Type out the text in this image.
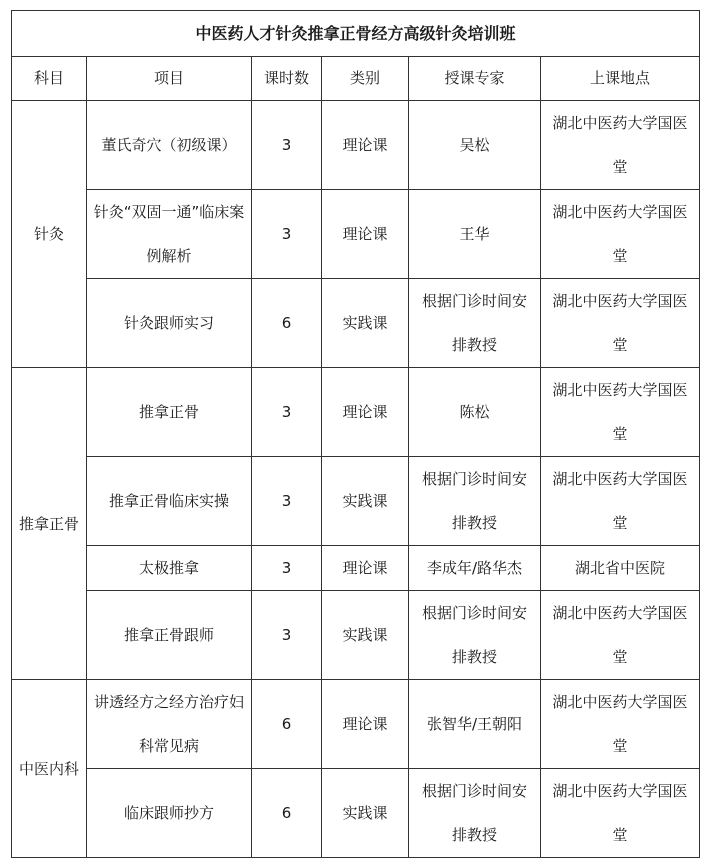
中医药人才针灸推拿正骨经方高级针灸培训班					
科目	项目	课时数	类别	授课专家	上课地点
针灸	董氏奇穴（初级课）	3	理论课	吴松	湖北中医药大学国医堂
	针灸“双固一通”临床案例解析	3	理论课	王华	湖北中医药大学国医堂
	针灸跟师实习	6	实践课	根据门诊时间安排教授	湖北中医药大学国医堂
推拿正骨	推拿正骨	3	理论课	陈松	湖北中医药大学国医堂
	推拿正骨临床实操	3	实践课	根据门诊时间安排教授	湖北中医药大学国医堂
	太极推拿	3	理论课	李成年/路华杰	湖北省中医院
	推拿正骨跟师	3	实践课	根据门诊时间安排教授	湖北中医药大学国医堂
中医内科	讲透经方之经方治疗妇科常见病	6	理论课	张智华/王朝阳	湖北中医药大学国医堂
	临床跟师抄方	6	实践课	根据门诊时间安排教授	湖北中医药大学国医堂
